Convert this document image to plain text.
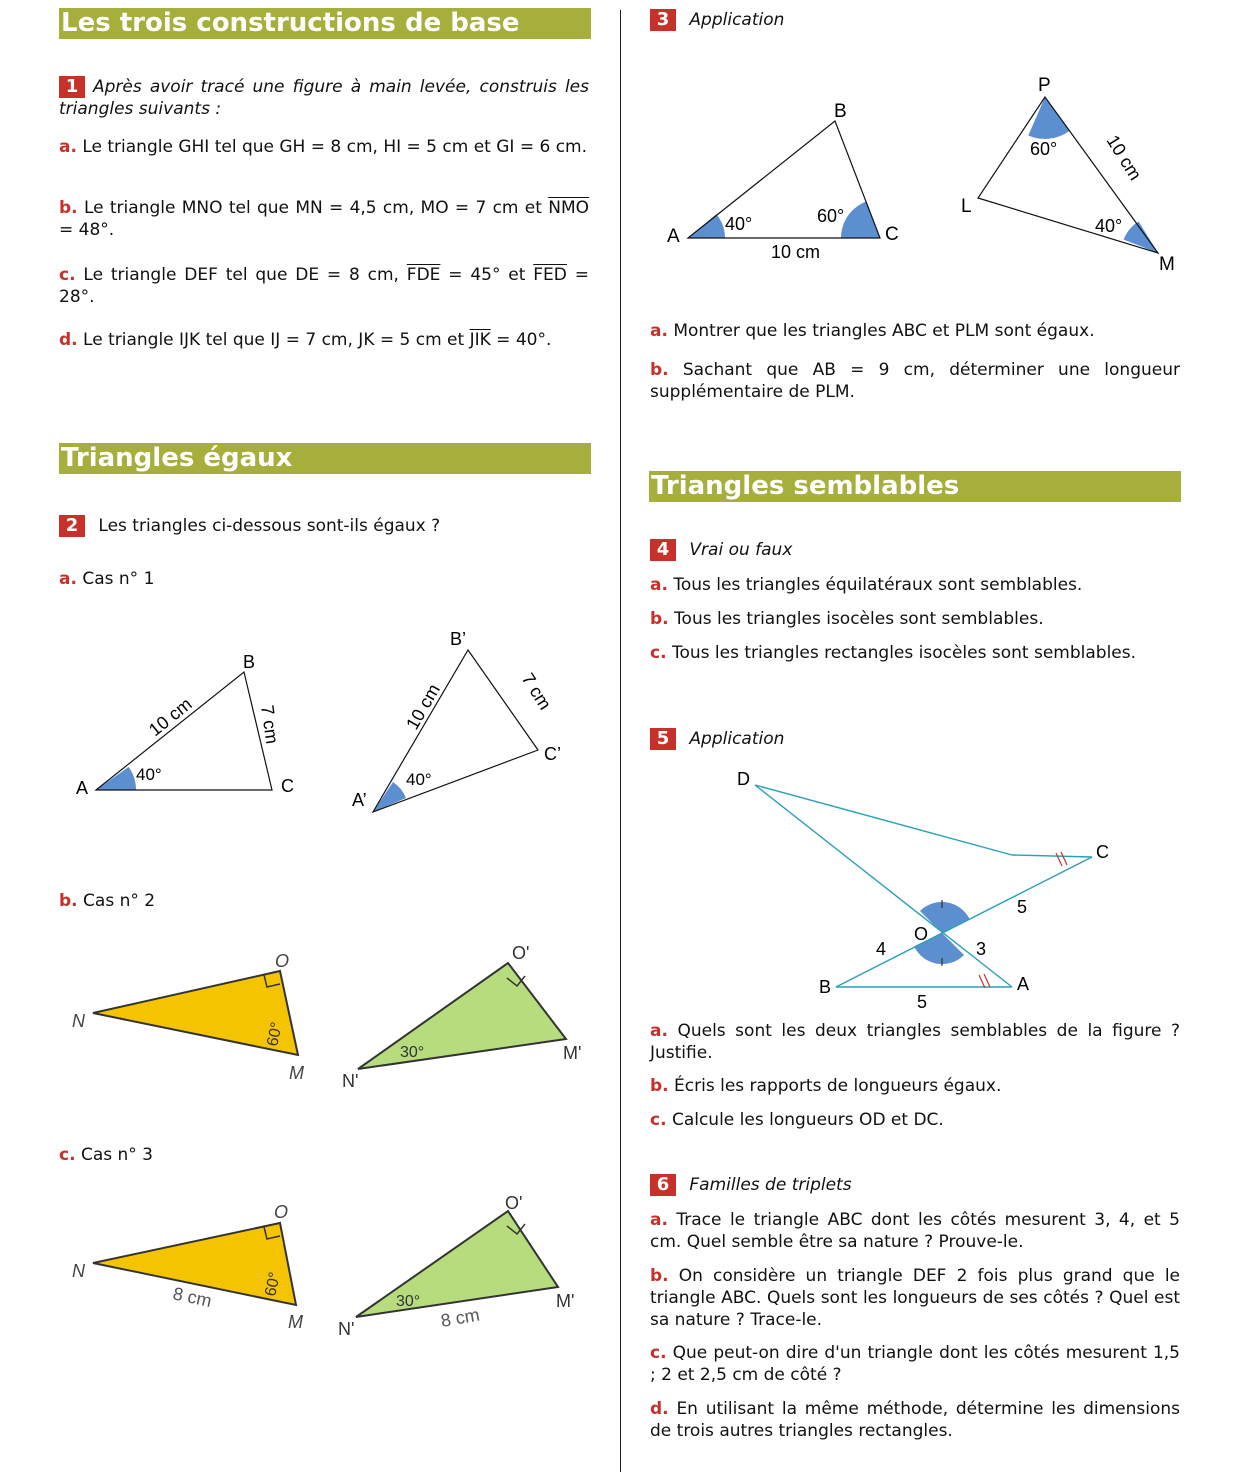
Les trois constructions de base
1 Après avoir tracé une figure à main levée, construis les triangles suivants :
a. Le triangle GHI tel que GH = 8 cm, HI = 5 cm et GI = 6 cm.
b. Le triangle MNO tel que MN = 4,5 cm, MO = 7 cm et $\overline{NMO} = 48^\circ$.
c. Le triangle DEF tel que DE = 8 cm, $\overline{FDE} = 45^\circ$ et $\overline{FED} = 28^\circ$.
d. Le triangle IJK tel que IJ = 7 cm, JK = 5 cm et $\overline{JIK} = 40^\circ$.
Triangles égaux
2 Les triangles ci-dessous sont-ils égaux ?
a. Cas n° 1
A
B
C
40°
10 cm	7 cm
A’
B’
C’
40°
10 cm	7 cm
b. Cas n° 2
N
O
M
60°
N'
O'
M'
30°
c. Cas n° 3
N
O
M
60°
8 cm
N'
O'
M'
30°
8 cm
3 Application
A
B
C
40°	60°
10 cm
P
L
M
60°
40°
10 cm
a. Montrer que les triangles ABC et PLM sont égaux.
b. Sachant que AB = 9 cm, déterminer une longueur supplémentaire de PLM.
Triangles semblables
4 Vrai ou faux
a. Tous les triangles équilatéraux sont semblables.
b. Tous les triangles isocèles sont semblables.
c. Tous les triangles rectangles isocèles sont semblables.
5 Application
D
C
O
B	A
5
4	3
5
a. Quels sont les deux triangles semblables de la figure ? Justifie.
b. Écris les rapports de longueurs égaux.
c. Calcule les longueurs OD et DC.
6 Familles de triplets
a. Trace le triangle ABC dont les côtés mesurent 3, 4, et 5 cm. Quel semble être sa nature ? Prouve-le.
b. On considère un triangle DEF 2 fois plus grand que le triangle ABC. Quels sont les longueurs de ses côtés ? Quel est sa nature ? Trace-le.
c. Que peut-on dire d'un triangle dont les côtés mesurent 1,5 ; 2 et 2,5 cm de côté ?
d. En utilisant la même méthode, détermine les dimensions de trois autres triangles rectangles.
